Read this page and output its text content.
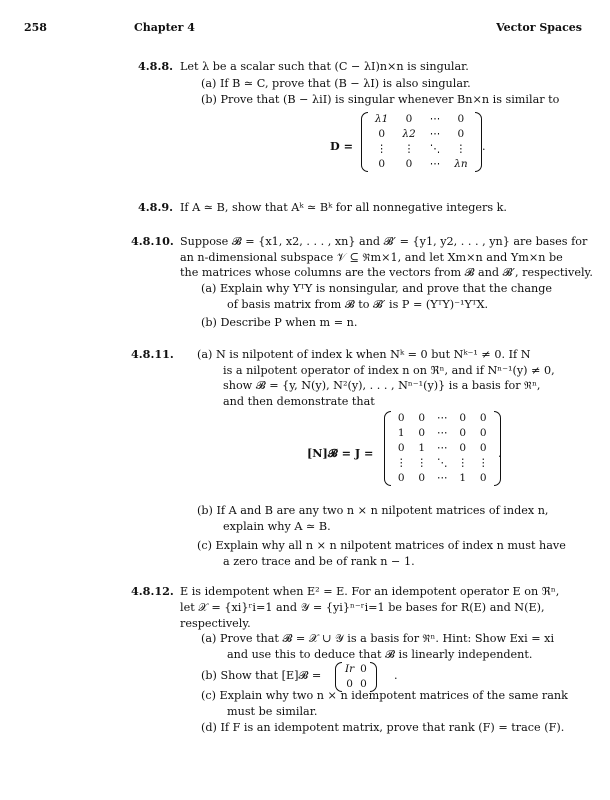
258	Chapter 4	Vector Spaces
4.8.8. Let λ be a scalar such that (C − λI)n×n is singular.
(a) If B ≃ C, prove that (B − λI) is also singular.
(b) Prove that (B − λiI) is singular whenever Bn×n is similar to
D =
λ1	0	⋯	0
0	λ2	⋯	0
⋮	⋮	⋱	⋮
0	0	⋯	λn
.
4.8.9. If A ≃ B, show that Aᵏ ≃ Bᵏ for all nonnegative integers k.
4.8.10. Suppose 𝓑 = {x1, x2, . . . , xn} and 𝓑′ = {y1, y2, . . . , yn} are bases for
an n-dimensional subspace 𝒱 ⊆ ℜm×1, and let Xm×n and Ym×n be
the matrices whose columns are the vectors from 𝓑 and 𝓑′, respectively.
(a) Explain why YᵀY is nonsingular, and prove that the change
of basis matrix from 𝓑 to 𝓑′ is P = (YᵀY)⁻¹YᵀX.
(b) Describe P when m = n.
4.8.11. (a) N is nilpotent of index k when Nᵏ = 0 but Nᵏ⁻¹ ≠ 0. If N
is a nilpotent operator of index n on ℜⁿ, and if Nⁿ⁻¹(y) ≠ 0,
show 𝓑 = {y, N(y), N²(y), . . . , Nⁿ⁻¹(y)} is a basis for ℜⁿ,
and then demonstrate that
[N]𝓑 = J =
0	0	⋯	0	0
1	0	⋯	0	0
0	1	⋯	0	0
⋮	⋮	⋱	⋮	⋮
0	0	⋯	1	0
.
(b) If A and B are any two n × n nilpotent matrices of index n,
explain why A ≃ B.
(c) Explain why all n × n nilpotent matrices of index n must have
a zero trace and be of rank n − 1.
4.8.12. E is idempotent when E² = E. For an idempotent operator E on ℜⁿ,
let 𝒳 = {xi}ʳi=1 and 𝒴 = {yi}ⁿ⁻ʳi=1 be bases for R(E) and N(E),
respectively.
(a) Prove that 𝓑 = 𝒳 ∪ 𝒴 is a basis for ℜⁿ. Hint: Show Exi = xi
and use this to deduce that 𝓑 is linearly independent.
(b) Show that [E]𝓑 = Ir	0
0	0
.
(c) Explain why two n × n idempotent matrices of the same rank
must be similar.
(d) If F is an idempotent matrix, prove that rank (F) = trace (F).
